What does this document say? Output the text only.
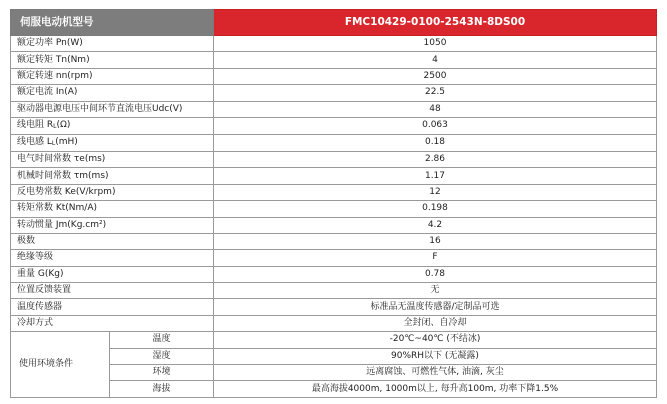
伺服电动机型号		FMC10429-0100-2543N-8DS00
额定功率 Pn(W)		1050
额定转矩 Tn(Nm)		4
额定转速 nn(rpm)		2500
额定电流 In(A)		22.5
驱动器电源电压中间环节直流电压Udc(V)		48
线电阻 $R_L(\Omega)$		0.063
线电感 $L_L(mH)$		0.18
电气时间常数 τe(ms)		2.86
机械时间常数 τm(ms)		1.17
反电势常数 Ke(V/krpm)		12
转矩常数 Kt(Nm/A)		0.198
转动惯量 Jm(Kg.cm²)		4.2
极数		16
绝缘等级		F
重量 G(Kg)		0.78
位置反馈装置		无
温度传感器		标准品无温度传感器/定制品可选
冷却方式		全封闭、自冷却
使用环境条件	温度	-20℃~40℃ (不结冰)
	湿度	90%RH以下 (无凝露)
	环境	远离腐蚀、可燃性气体, 油滴, 灰尘
	海拔	最高海拔4000m, 1000m以上, 每升高100m, 功率下降1.5%
